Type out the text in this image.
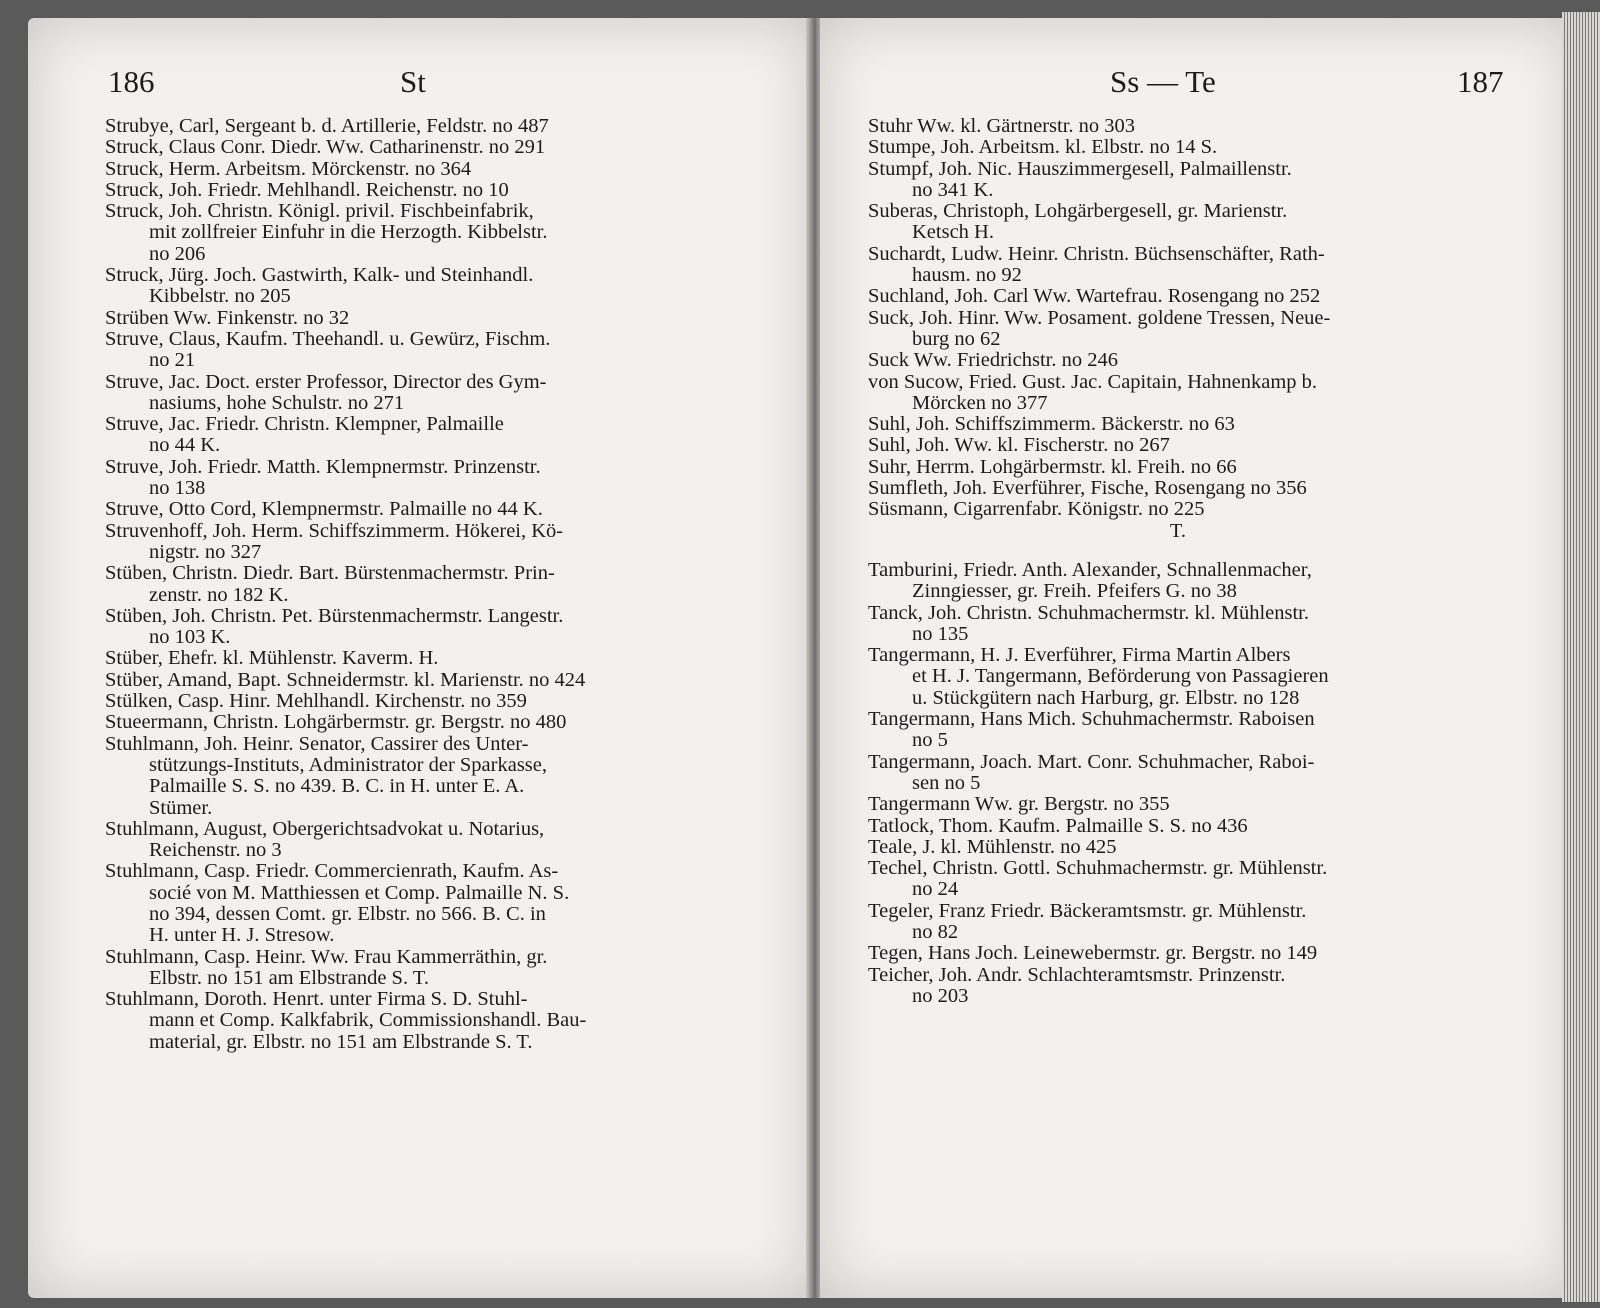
186	St	Ss — Te	187
Strubye, Carl, Sergeant b. d. Artillerie, Feldstr. no 487
Struck, Claus Conr. Diedr. Ww. Catharinenstr. no 291
Struck, Herm. Arbeitsm. Mörckenstr. no 364
Struck, Joh. Friedr. Mehlhandl. Reichenstr. no 10
Struck, Joh. Christn. Königl. privil. Fischbeinfabrik,
mit zollfreier Einfuhr in die Herzogth. Kibbelstr.
no 206
Struck, Jürg. Joch. Gastwirth, Kalk- und Steinhandl.
Kibbelstr. no 205
Strüben Ww. Finkenstr. no 32
Struve, Claus, Kaufm. Theehandl. u. Gewürz, Fischm.
no 21
Struve, Jac. Doct. erster Professor, Director des Gym-
nasiums, hohe Schulstr. no 271
Struve, Jac. Friedr. Christn. Klempner, Palmaille
no 44 K.
Struve, Joh. Friedr. Matth. Klempnermstr. Prinzenstr.
no 138
Struve, Otto Cord, Klempnermstr. Palmaille no 44 K.
Struvenhoff, Joh. Herm. Schiffszimmerm. Hökerei, Kö-
nigstr. no 327
Stüben, Christn. Diedr. Bart. Bürstenmachermstr. Prin-
zenstr. no 182 K.
Stüben, Joh. Christn. Pet. Bürstenmachermstr. Langestr.
no 103 K.
Stüber, Ehefr. kl. Mühlenstr. Kaverm. H.
Stüber, Amand, Bapt. Schneidermstr. kl. Marienstr. no 424
Stülken, Casp. Hinr. Mehlhandl. Kirchenstr. no 359
Stueermann, Christn. Lohgärbermstr. gr. Bergstr. no 480
Stuhlmann, Joh. Heinr. Senator, Cassirer des Unter-
stützungs-Instituts, Administrator der Sparkasse,
Palmaille S. S. no 439. B. C. in H. unter E. A.
Stümer.
Stuhlmann, August, Obergerichtsadvokat u. Notarius,
Reichenstr. no 3
Stuhlmann, Casp. Friedr. Commercienrath, Kaufm. As-
socié von M. Matthiessen et Comp. Palmaille N. S.
no 394, dessen Comt. gr. Elbstr. no 566. B. C. in
H. unter H. J. Stresow.
Stuhlmann, Casp. Heinr. Ww. Frau Kammerräthin, gr.
Elbstr. no 151 am Elbstrande S. T.
Stuhlmann, Doroth. Henrt. unter Firma S. D. Stuhl-
mann et Comp. Kalkfabrik, Commissionshandl. Bau-
material, gr. Elbstr. no 151 am Elbstrande S. T.
Stuhr Ww. kl. Gärtnerstr. no 303
Stumpe, Joh. Arbeitsm. kl. Elbstr. no 14 S.
Stumpf, Joh. Nic. Hauszimmergesell, Palmaillenstr.
no 341 K.
Suberas, Christoph, Lohgärbergesell, gr. Marienstr.
Ketsch H.
Suchardt, Ludw. Heinr. Christn. Büchsenschäfter, Rath-
hausm. no 92
Suchland, Joh. Carl Ww. Wartefrau. Rosengang no 252
Suck, Joh. Hinr. Ww. Posament. goldene Tressen, Neue-
burg no 62
Suck Ww. Friedrichstr. no 246
von Sucow, Fried. Gust. Jac. Capitain, Hahnenkamp b.
Mörcken no 377
Suhl, Joh. Schiffszimmerm. Bäckerstr. no 63
Suhl, Joh. Ww. kl. Fischerstr. no 267
Suhr, Herrm. Lohgärbermstr. kl. Freih. no 66
Sumfleth, Joh. Everführer, Fische, Rosengang no 356
Süsmann, Cigarrenfabr. Königstr. no 225
T.
Tamburini, Friedr. Anth. Alexander, Schnallenmacher,
Zinngiesser, gr. Freih. Pfeifers G. no 38
Tanck, Joh. Christn. Schuhmachermstr. kl. Mühlenstr.
no 135
Tangermann, H. J. Everführer, Firma Martin Albers
et H. J. Tangermann, Beförderung von Passagieren
u. Stückgütern nach Harburg, gr. Elbstr. no 128
Tangermann, Hans Mich. Schuhmachermstr. Raboisen
no 5
Tangermann, Joach. Mart. Conr. Schuhmacher, Raboi-
sen no 5
Tangermann Ww. gr. Bergstr. no 355
Tatlock, Thom. Kaufm. Palmaille S. S. no 436
Teale, J. kl. Mühlenstr. no 425
Techel, Christn. Gottl. Schuhmachermstr. gr. Mühlenstr.
no 24
Tegeler, Franz Friedr. Bäckeramtsmstr. gr. Mühlenstr.
no 82
Tegen, Hans Joch. Leinewebermstr. gr. Bergstr. no 149
Teicher, Joh. Andr. Schlachteramtsmstr. Prinzenstr.
no 203
